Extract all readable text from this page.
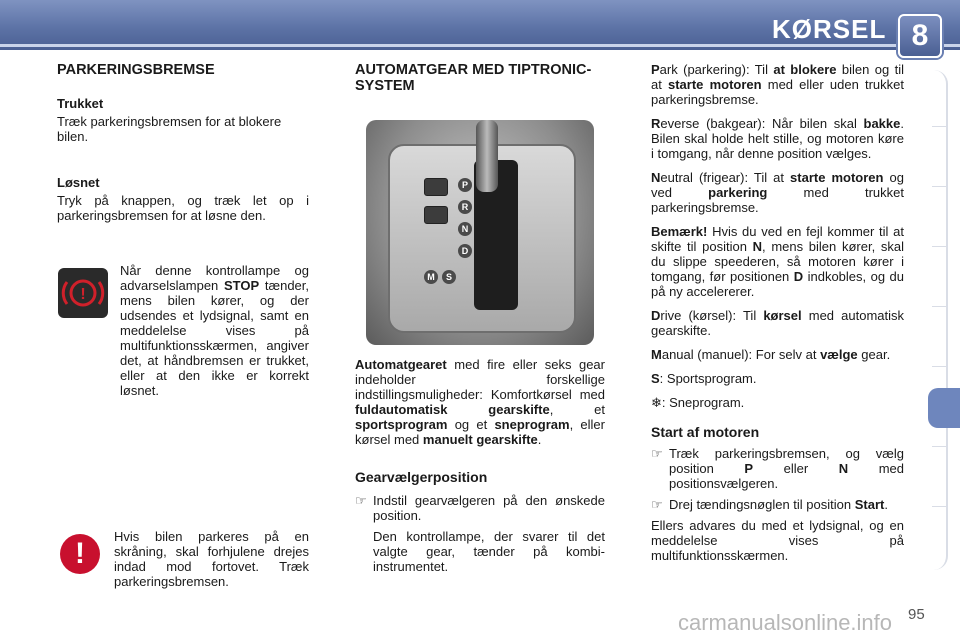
KØRSEL 8

PARKERINGSBREMSE

Trukket

Træk parkeringsbremsen for at blokere bilen.

Løsnet

Tryk på knappen, og træk let op i parkeringsbremsen for at løsne den.

!

Når denne kontrollampe og advarselslampen STOP tænder, mens bilen kører, og der udsendes et lydsignal, samt en meddelelse vises på multifunktionsskærmen, angiver det, at håndbremsen er trukket, eller at den ikke er korrekt løsnet.

!

Hvis bilen parkeres på en skråning, skal forhjulene drejes indad mod fortovet. Træk parkeringsbremsen.

AUTOMATGEAR MED TIPTRONIC-SYSTEM

P
R
N
D
M	S

Automatgearet med fire eller seks gear indeholder forskellige indstillingsmuligheder: Komfortkørsel med fuldautomatisk gearskifte, et sportsprogram og et sneprogram, eller kørsel med manuelt gearskifte.

Gearvælgerposition

☞ Indstil gearvælgeren på den ønskede position.
Den kontrollampe, der svarer til det valgte gear, tænder på kombi-instrumentet.

Park (parkering): Til at blokere bilen og til at starte motoren med eller uden trukket parkeringsbremse.

Reverse (bakgear): Når bilen skal bakke. Bilen skal holde helt stille, og motoren køre i tomgang, når denne position vælges.

Neutral (frigear): Til at starte motoren og ved parkering med trukket parkeringsbremse.

Bemærk! Hvis du ved en fejl kommer til at skifte til position N, mens bilen kører, skal du slippe speederen, så motoren kører i tomgang, før positionen D indkobles, og du på ny accelererer.

Drive (kørsel): Til kørsel med automatisk gearskifte.

Manual (manuel): For selv at vælge gear.

S: Sportsprogram.

❄: Sneprogram.

Start af motoren

☞ Træk parkeringsbremsen, og vælg position P eller N med positionsvælgeren.
☞ Drej tændingsnøglen til position Start.

Ellers advares du med et lydsignal, og en meddelelse vises på multifunktionsskærmen.

carmanualsonline.info 95
